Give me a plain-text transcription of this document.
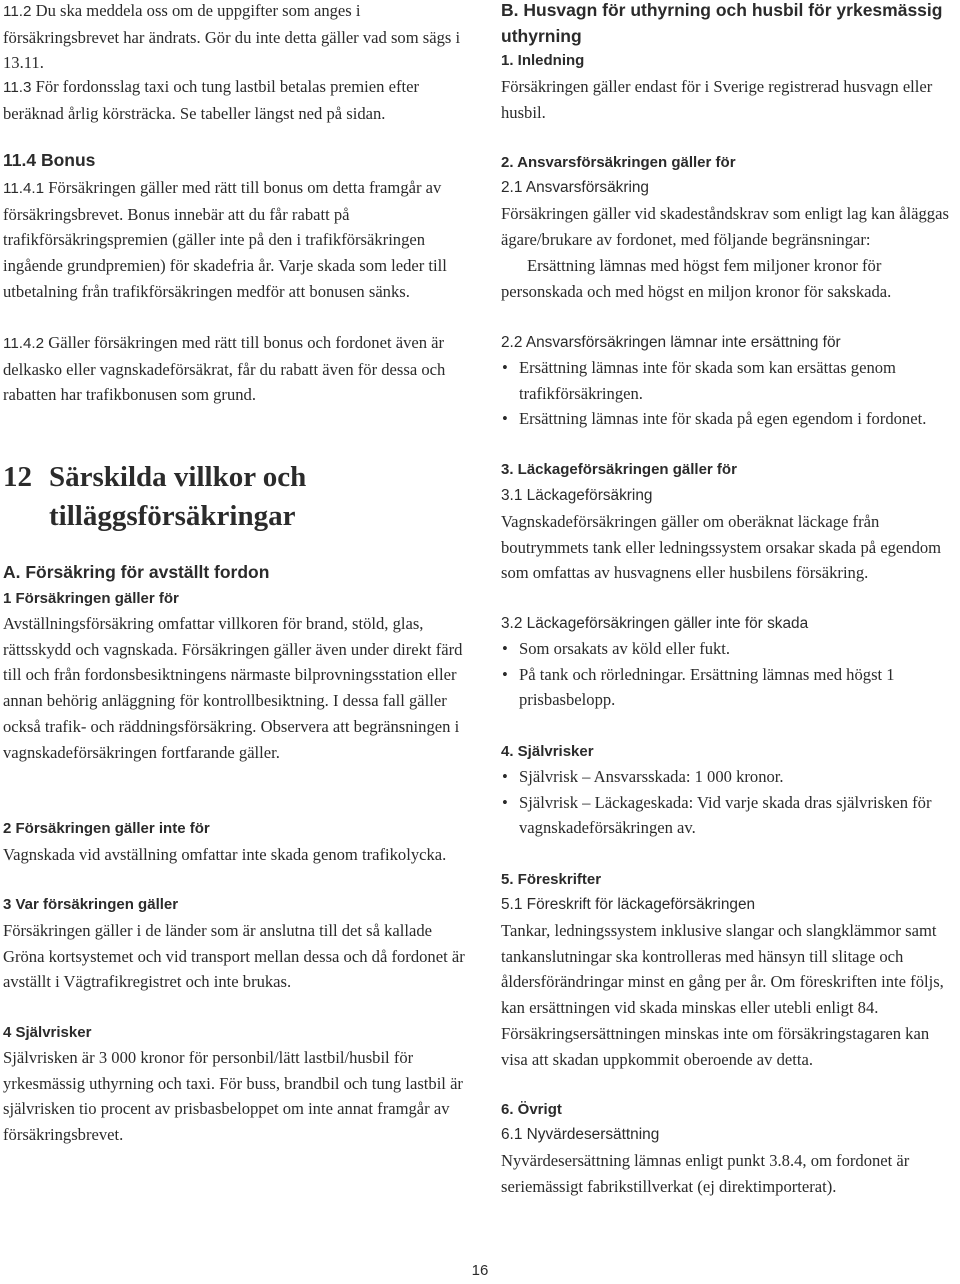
11.2 Du ska meddela oss om de uppgifter som anges i försäkringsbrevet har ändrats. Gör du inte detta gäller vad som sägs i 13.11.

11.3 För fordonsslag taxi och tung lastbil betalas premien efter beräknad årlig körsträcka. Se tabeller längst ned på sidan.

11.4 Bonus

11.4.1 Försäkringen gäller med rätt till bonus om detta framgår av försäkringsbrevet. Bonus innebär att du får rabatt på trafikförsäkringspremien (gäller inte på den i trafikförsäkringen ingående grundpremien) för skadefria år. Varje skada som leder till utbetalning från trafikförsäkringen medför att bonusen sänks.

11.4.2 Gäller försäkringen med rätt till bonus och fordonet även är delkasko eller vagnskadeförsäkrat, får du rabatt även för dessa och rabatten har trafikbonusen som grund.

12 Särskilda villkor och tilläggsförsäkringar
A. Försäkring för avställt fordon
1 Försäkringen gäller för

Avställningsförsäkring omfattar villkoren för brand, stöld, glas, rättsskydd och vagnskada. Försäkringen gäller även under direkt färd till och från fordonsbesiktningens närmaste bilprovningsstation eller annan behörig anläggning för kontrollbesiktning. I dessa fall gäller också trafik- och räddningsförsäkring. Observera att begränsningen i vagnskadeförsäkringen fortfarande gäller.

2 Försäkringen gäller inte för

Vagnskada vid avställning omfattar inte skada genom trafikolycka.

3 Var försäkringen gäller

Försäkringen gäller i de länder som är anslutna till det så kallade Gröna kortsystemet och vid transport mellan dessa och då fordonet är avställt i Vägtrafikregistret och inte brukas.

4 Självrisker

Självrisken är 3 000 kronor för personbil/lätt lastbil/husbil för yrkesmässig uthyrning och taxi. För buss, brandbil och tung lastbil är självrisken tio procent av prisbasbeloppet om inte annat framgår av försäkringsbrevet.

B. Husvagn för uthyrning och husbil för yrkesmässig uthyrning
1. Inledning

Försäkringen gäller endast för i Sverige registrerad husvagn eller husbil.

2. Ansvarsförsäkringen gäller för
2.1 Ansvarsförsäkring

Försäkringen gäller vid skadeståndskrav som enligt lag kan åläggas ägare/brukare av fordonet, med följande begränsningar:

Ersättning lämnas med högst fem miljoner kronor för personskada och med högst en miljon kronor för sakskada.

2.2 Ansvarsförsäkringen lämnar inte ersättning för
• Ersättning lämnas inte för skada som kan ersättas genom trafikförsäkringen.
• Ersättning lämnas inte för skada på egen egendom i fordonet.
3. Läckageförsäkringen gäller för
3.1 Läckageförsäkring

Vagnskadeförsäkringen gäller om oberäknat läckage från boutrymmets tank eller ledningssystem orsakar skada på egendom som omfattas av husvagnens eller husbilens försäkring.

3.2 Läckageförsäkringen gäller inte för skada
• Som orsakats av köld eller fukt.
• På tank och rörledningar. Ersättning lämnas med högst 1 prisbasbelopp.
4. Självrisker
• Självrisk – Ansvarsskada: 1 000 kronor.
• Självrisk – Läckageskada: Vid varje skada dras självrisken för vagnskadeförsäkringen av.
5. Föreskrifter
5.1 Föreskrift för läckageförsäkringen

Tankar, ledningssystem inklusive slangar och slangklämmor samt tankanslutningar ska kontrolleras med hänsyn till slitage och åldersförändringar minst en gång per år. Om föreskriften inte följs, kan ersättningen vid skada minskas eller utebli enligt 84. Försäkringsersättningen minskas inte om försäkringstagaren kan visa att skadan uppkommit oberoende av detta.

6. Övrigt
6.1 Nyvärdesersättning

Nyvärdesersättning lämnas enligt punkt 3.8.4, om fordonet är seriemässigt fabrikstillverkat (ej direktimporterat).

16
